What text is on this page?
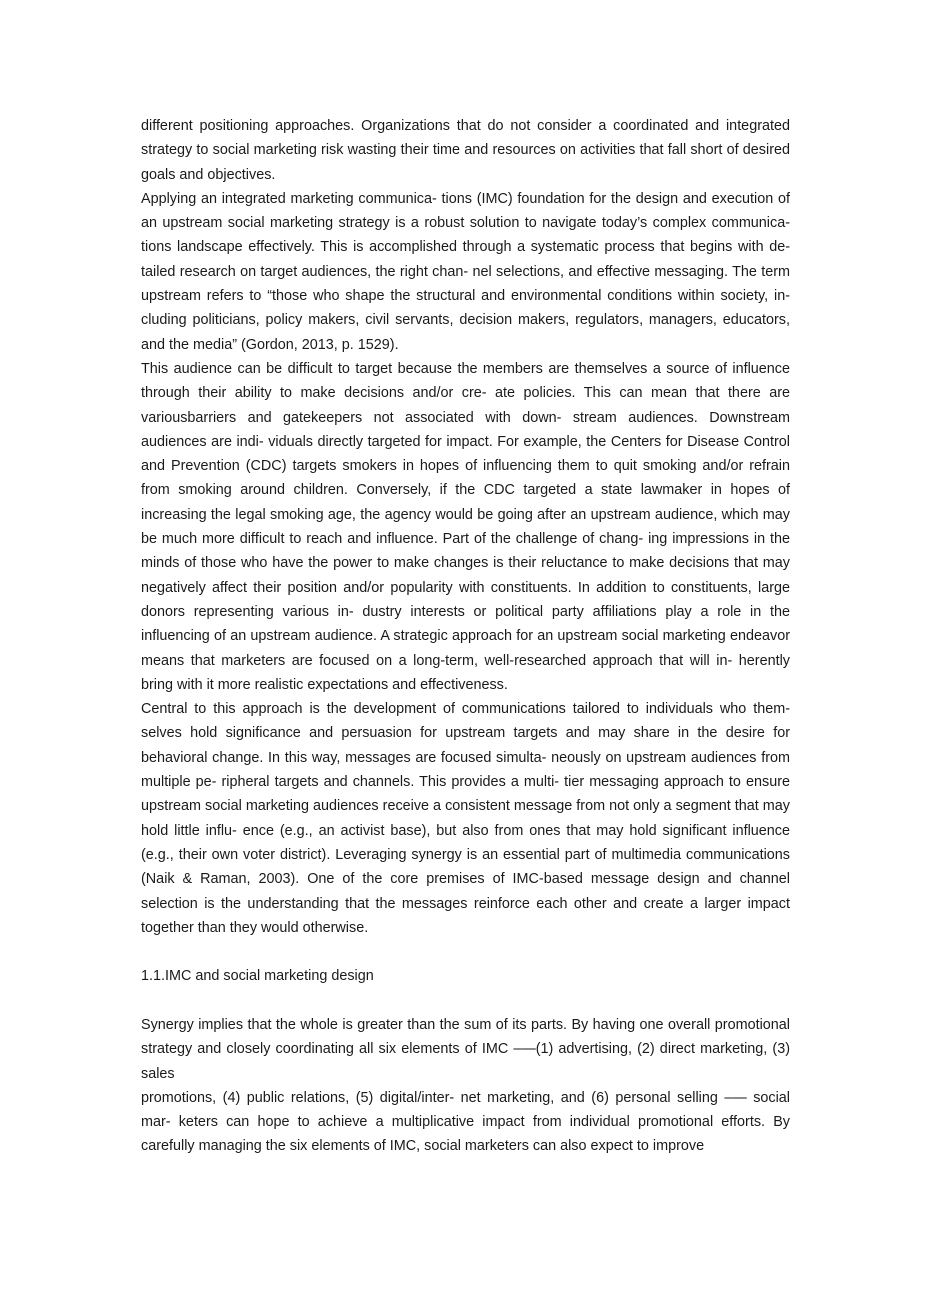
different positioning approaches. Organizations that do not consider a coordinated and integrated strategy to social marketing risk wasting their time and resources on activities that fall short of desired goals and objectives.

Applying an integrated marketing communica- tions (IMC) foundation for the design and execution of an upstream social marketing strategy is a robust solution to navigate today’s complex communica- tions landscape effectively. This is accomplished through a systematic process that begins with de- tailed research on target audiences, the right chan- nel selections, and effective messaging. The term upstream refers to “those who shape the structural and environmental conditions within society, in- cluding politicians, policy makers, civil servants, decision makers, regulators, managers, educators, and the media” (Gordon, 2013, p. 1529).

This audience can be difﬁcult to target because the members are themselves a source of inﬂuence through their ability to make decisions and/or cre- ate policies. This can mean that there are variousbarriers and gatekeepers not associated with down- stream audiences. Downstream audiences are indi- viduals directly targeted for impact. For example, the Centers for Disease Control and Prevention (CDC) targets smokers in hopes of inﬂuencing them to quit smoking and/or refrain from smoking around children. Conversely, if the CDC targeted a state lawmaker in hopes of increasing the legal smoking age, the agency would be going after an upstream audience, which may be much more difﬁcult to reach and inﬂuence. Part of the challenge of chang- ing impressions in the minds of those who have the power to make changes is their reluctance to make decisions that may negatively affect their position and/or popularity with constituents. In addition to constituents, large donors representing various in- dustry interests or political party afﬁliations play a role in the inﬂuencing of an upstream audience. A strategic approach for an upstream social marketing endeavor means that marketers are focused on a long-term, well-researched approach that will in- herently bring with it more realistic expectations and effectiveness.

Central to this approach is the development of communications tailored to individuals who them- selves hold signiﬁcance and persuasion for upstream targets and may share in the desire for behavioral change. In this way, messages are focused simulta- neously on upstream audiences from multiple pe- ripheral targets and channels. This provides a multi- tier messaging approach to ensure upstream social marketing audiences receive a consistent message from not only a segment that may hold little inﬂu- ence (e.g., an activist base), but also from ones that may hold signiﬁcant inﬂuence (e.g., their own voter district). Leveraging synergy is an essential part of multimedia communications (Naik & Raman, 2003). One of the core premises of IMC-based message design and channel selection is the understanding that the messages reinforce each other and create a larger impact together than they would otherwise.

1.1.IMC and social marketing design

Synergy implies that the whole is greater than the sum of its parts. By having one overall promotional strategy and closely coordinating all six elements of IMC –—(1) advertising, (2) direct marketing, (3) sales

promotions, (4) public relations, (5) digital/inter- net marketing, and (6) personal selling –— social mar- keters can hope to achieve a multiplicative impact from individual promotional efforts. By carefully managing the six elements of IMC, social marketers can also expect to improve
